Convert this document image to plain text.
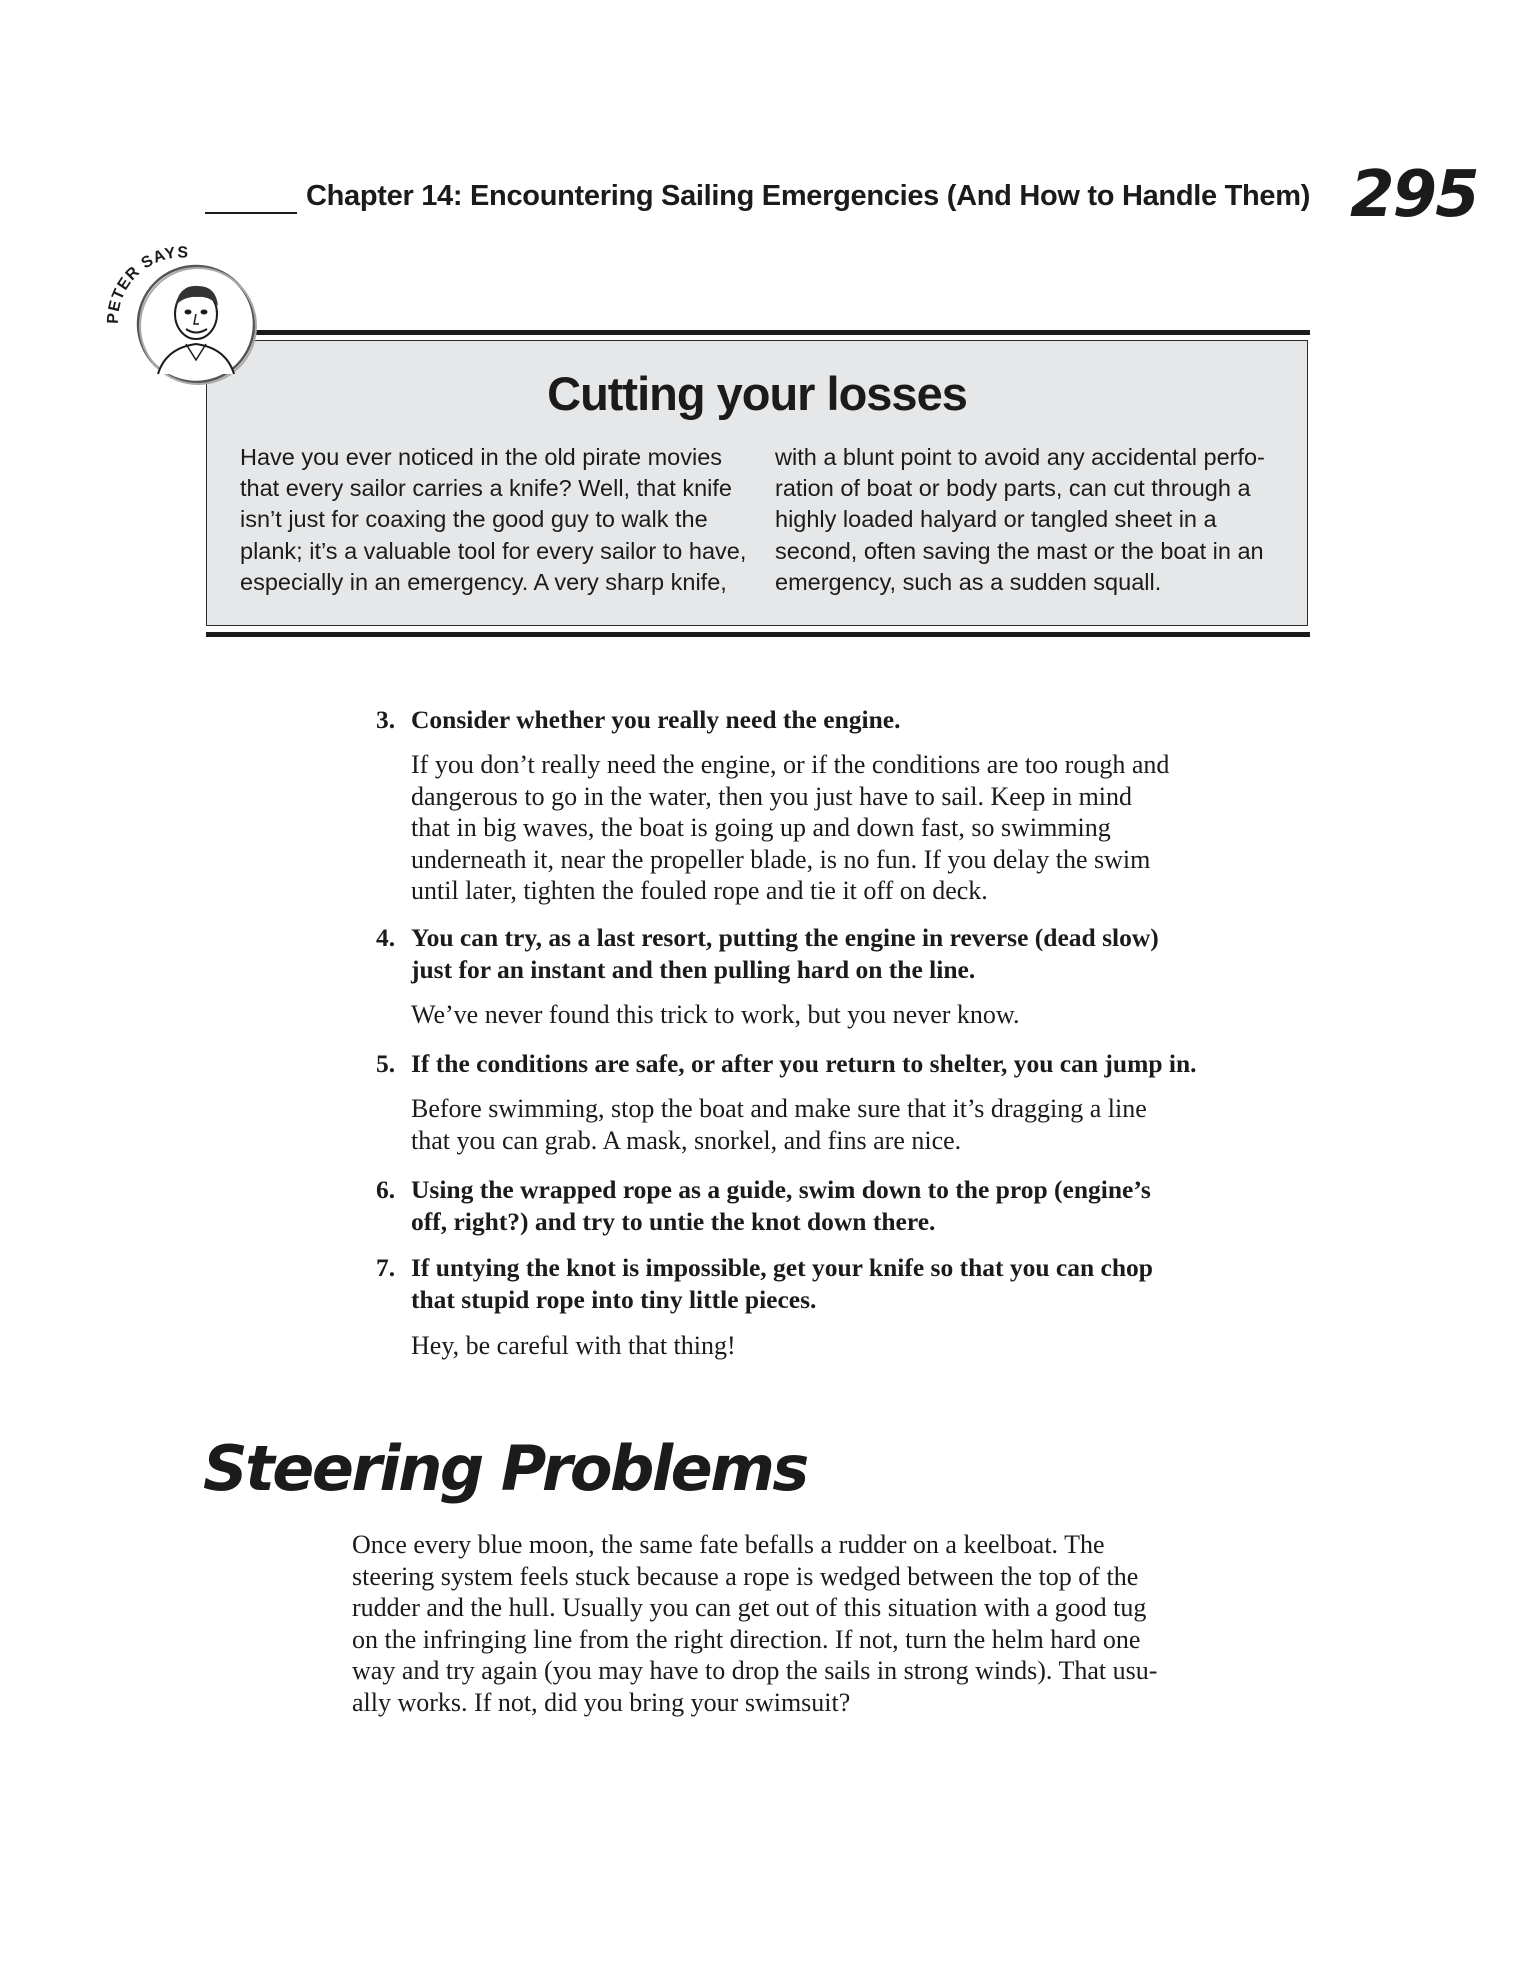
Chapter 14: Encountering Sailing Emergencies (And How to Handle Them) 295
PETER SAYS
Cutting your losses
Have you ever noticed in the old pirate movies
that every sailor carries a knife? Well, that knife
isn’t just for coaxing the good guy to walk the
plank; it’s a valuable tool for every sailor to have,
especially in an emergency. A very sharp knife,
with a blunt point to avoid any accidental perfo-
ration of boat or body parts, can cut through a
highly loaded halyard or tangled sheet in a
second, often saving the mast or the boat in an
emergency, such as a sudden squall.
3. Consider whether you really need the engine.
If you don’t really need the engine, or if the conditions are too rough and
dangerous to go in the water, then you just have to sail. Keep in mind
that in big waves, the boat is going up and down fast, so swimming
underneath it, near the propeller blade, is no fun. If you delay the swim
until later, tighten the fouled rope and tie it off on deck.
4. You can try, as a last resort, putting the engine in reverse (dead slow)
just for an instant and then pulling hard on the line.
We’ve never found this trick to work, but you never know.
5. If the conditions are safe, or after you return to shelter, you can jump in.
Before swimming, stop the boat and make sure that it’s dragging a line
that you can grab. A mask, snorkel, and fins are nice.
6. Using the wrapped rope as a guide, swim down to the prop (engine’s
off, right?) and try to untie the knot down there.
7. If untying the knot is impossible, get your knife so that you can chop
that stupid rope into tiny little pieces.
Hey, be careful with that thing!
Steering Problems
Once every blue moon, the same fate befalls a rudder on a keelboat. The
steering system feels stuck because a rope is wedged between the top of the
rudder and the hull. Usually you can get out of this situation with a good tug
on the infringing line from the right direction. If not, turn the helm hard one
way and try again (you may have to drop the sails in strong winds). That usu-
ally works. If not, did you bring your swimsuit?
